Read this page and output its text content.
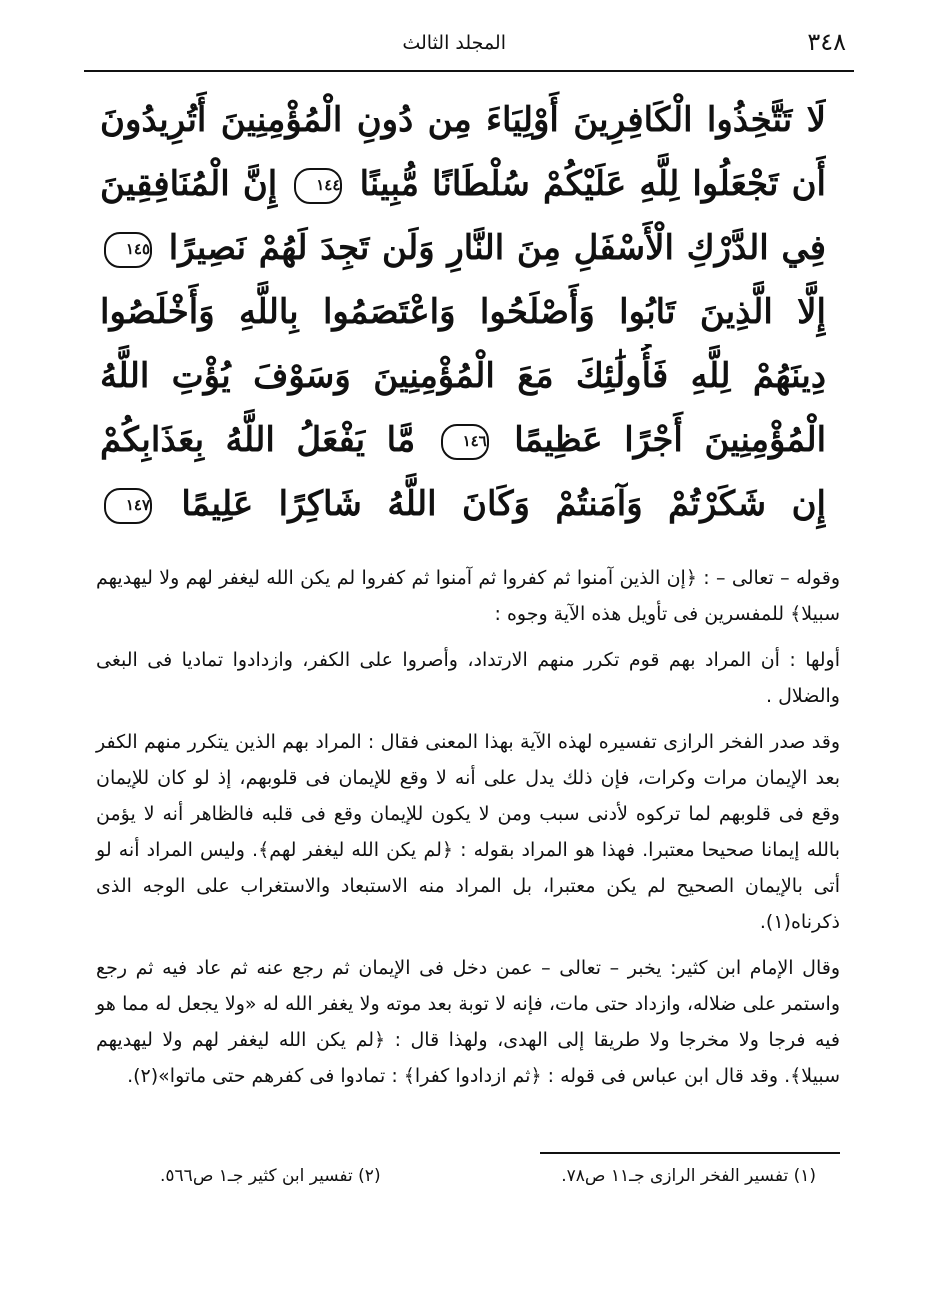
٣٤٨
المجلد الثالث
لَا تَتَّخِذُوا الْكَافِرِينَ أَوْلِيَاءَ مِن دُونِ الْمُؤْمِنِينَ أَتُرِيدُونَ
أَن تَجْعَلُوا لِلَّهِ عَلَيْكُمْ سُلْطَانًا مُّبِينًا ١٤٤ إِنَّ الْمُنَافِقِينَ
فِي الدَّرْكِ الْأَسْفَلِ مِنَ النَّارِ وَلَن تَجِدَ لَهُمْ نَصِيرًا ١٤٥
إِلَّا الَّذِينَ تَابُوا وَأَصْلَحُوا وَاعْتَصَمُوا بِاللَّهِ وَأَخْلَصُوا
دِينَهُمْ لِلَّهِ فَأُولَٰئِكَ مَعَ الْمُؤْمِنِينَ وَسَوْفَ يُؤْتِ اللَّهُ
الْمُؤْمِنِينَ أَجْرًا عَظِيمًا ١٤٦ مَّا يَفْعَلُ اللَّهُ بِعَذَابِكُمْ
إِن شَكَرْتُمْ وَآمَنتُمْ وَكَانَ اللَّهُ شَاكِرًا عَلِيمًا ١٤٧

وقوله – تعالى – : ﴿إن الذين آمنوا ثم كفروا ثم آمنوا ثم كفروا لم يكن الله ليغفر لهم ولا ليهديهم سبيلا﴾ للمفسرين فى تأويل هذه الآية وجوه :

أولها : أن المراد بهم قوم تكرر منهم الارتداد، وأصروا على الكفر، وازدادوا تماديا فى البغى والضلال .

وقد صدر الفخر الرازى تفسيره لهذه الآية بهذا المعنى فقال : المراد بهم الذين يتكرر منهم الكفر بعد الإيمان مرات وكرات، فإن ذلك يدل على أنه لا وقع للإيمان فى قلوبهم، إذ لو كان للإيمان وقع فى قلوبهم لما تركوه لأدنى سبب ومن لا يكون للإيمان وقع فى قلبه فالظاهر أنه لا يؤمن بالله إيمانا صحيحا معتبرا. فهذا هو المراد بقوله : ﴿لم يكن الله ليغفر لهم﴾. وليس المراد أنه لو أتى بالإيمان الصحيح لم يكن معتبرا، بل المراد منه الاستبعاد والاستغراب على الوجه الذى ذكرناه(١).

وقال الإمام ابن كثير: يخبر – تعالى – عمن دخل فى الإيمان ثم رجع عنه ثم عاد فيه ثم رجع واستمر على ضلاله، وازداد حتى مات، فإنه لا توبة بعد موته ولا يغفر الله له «ولا يجعل له مما هو فيه فرجا ولا مخرجا ولا طريقا إلى الهدى، ولهذا قال : ﴿لم يكن الله ليغفر لهم ولا ليهديهم سبيلا﴾. وقد قال ابن عباس فى قوله : ﴿ثم ازدادوا كفرا﴾ : تمادوا فى كفرهم حتى ماتوا»(٢).

(١) تفسير الفخر الرازى جـ١١ ص٧٨.
(٢) تفسير ابن كثير جـ١ ص٥٦٦.
